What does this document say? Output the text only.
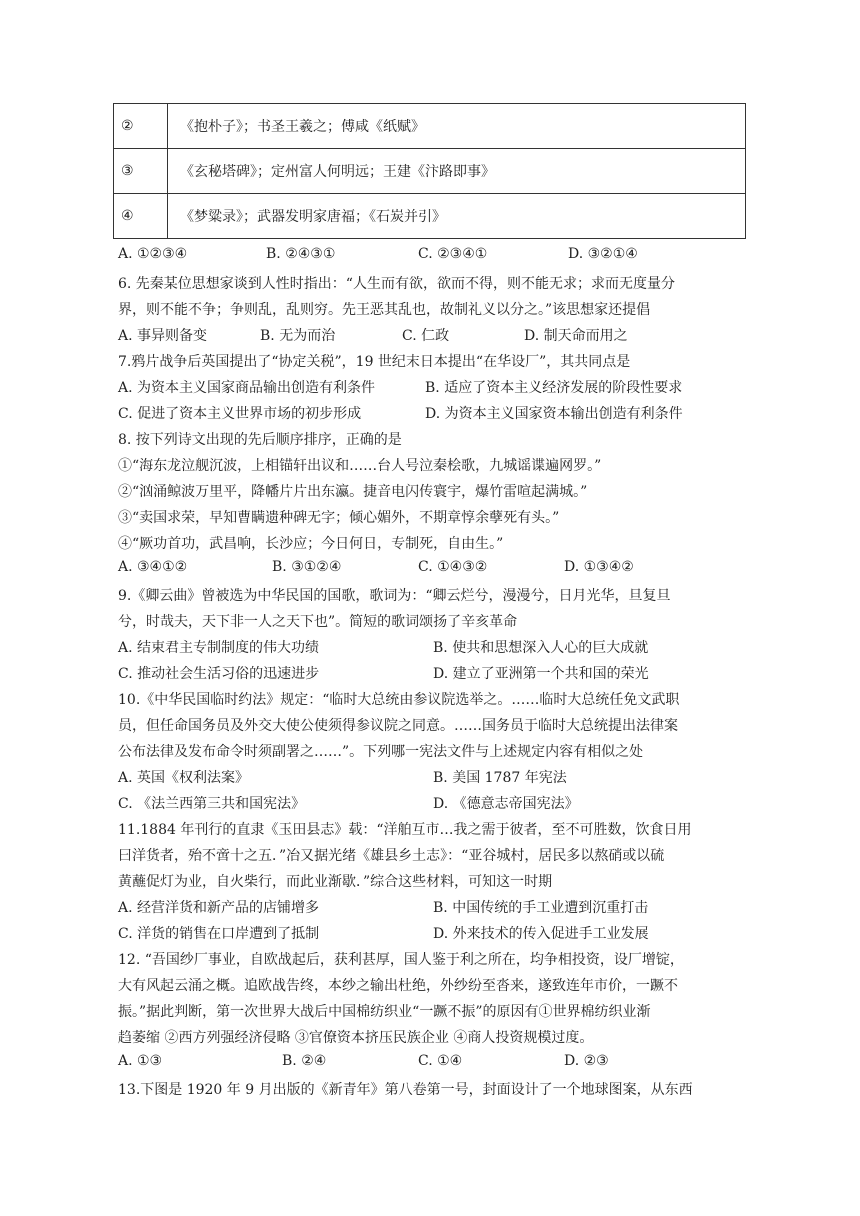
②	《抱朴子》；书圣王羲之；傅咸《纸赋》
③	《玄秘塔碑》；定州富人何明远；王建《汴路即事》
④	《梦粱录》；武器发明家唐福；《石炭并引》
A. ①②③④	B. ②④③①	C. ②③④①	D. ③②①④
6. 先秦某位思想家谈到人性时指出：“人生而有欲，欲而不得，则不能无求；求而无度量分
界，则不能不争；争则乱，乱则穷。先王恶其乱也，故制礼义以分之。”该思想家还提倡
A. 事异则备变	B. 无为而治	C. 仁政	D. 制天命而用之
7.鸦片战争后英国提出了“协定关税”，19 世纪末日本提出“在华设厂”，其共同点是
A. 为资本主义国家商品输出创造有利条件	B. 适应了资本主义经济发展的阶段性要求
C. 促进了资本主义世界市场的初步形成	D. 为资本主义国家资本输出创造有利条件
8. 按下列诗文出现的先后顺序排序，正确的是
①“海东龙泣舰沉波，上相锚轩出议和……台人号泣秦桧歌，九城谣谍遍网罗。”
②“汹涌鲸波万里平，降幡片片出东瀛。捷音电闪传寰宇，爆竹雷喧起满城。”
③“卖国求荣，早知曹瞒遗种碑无字；倾心媚外，不期章惇余孽死有头。”
④“厥功首功，武昌响，长沙应；今日何日，专制死，自由生。”
A. ③④①②	B. ③①②④	C. ①④③②	D. ①③④②
9.《卿云曲》曾被选为中华民国的国歌，歌词为：“卿云烂兮，漫漫兮，日月光华，旦复旦
兮，时哉夫，天下非一人之天下也”。简短的歌词颂扬了辛亥革命
A. 结束君主专制制度的伟大功绩	B. 使共和思想深入人心的巨大成就
C. 推动社会生活习俗的迅速进步	D. 建立了亚洲第一个共和国的荣光
10.《中华民国临时约法》规定：“临时大总统由参议院选举之。……临时大总统任免文武职
员，但任命国务员及外交大使公使须得参议院之同意。……国务员于临时大总统提出法律案
公布法律及发布命令时须副署之……”。下列哪一宪法文件与上述规定内容有相似之处
A. 英国《权利法案》	B. 美国 1787 年宪法
C. 《法兰西第三共和国宪法》	D. 《德意志帝国宪法》
11.1884 年刊行的直隶《玉田县志》载：“洋舶互市…我之需于彼者，至不可胜数，饮食日用
曰洋货者，殆不啻十之五．”冶又据光绪《雄县乡土志》：“亚谷城村，居民多以熬硝或以硫
黄蘸促灯为业，自火柴行，而此业渐歇．”综合这些材料，可知这一时期
A. 经营洋货和新产品的店铺增多	B. 中国传统的手工业遭到沉重打击
C. 洋货的销售在口岸遭到了抵制	D. 外来技术的传入促进手工业发展
12. “吾国纱厂事业，自欧战起后，获利甚厚，国人鉴于利之所在，均争相投资，设厂增锭，
大有风起云涌之概。追欧战告终，本纱之输出杜绝，外纱纷至沓来，遂致连年市价，一蹶不
振。”据此判断，第一次世界大战后中国棉纺织业“一蹶不振”的原因有①世界棉纺织业渐
趋萎缩 ②西方列强经济侵略 ③官僚资本挤压民族企业 ④商人投资规模过度。
A. ①③	B. ②④	C. ①④	D. ②③
13.下图是 1920 年 9 月出版的《新青年》第八卷第一号，封面设计了一个地球图案，从东西
